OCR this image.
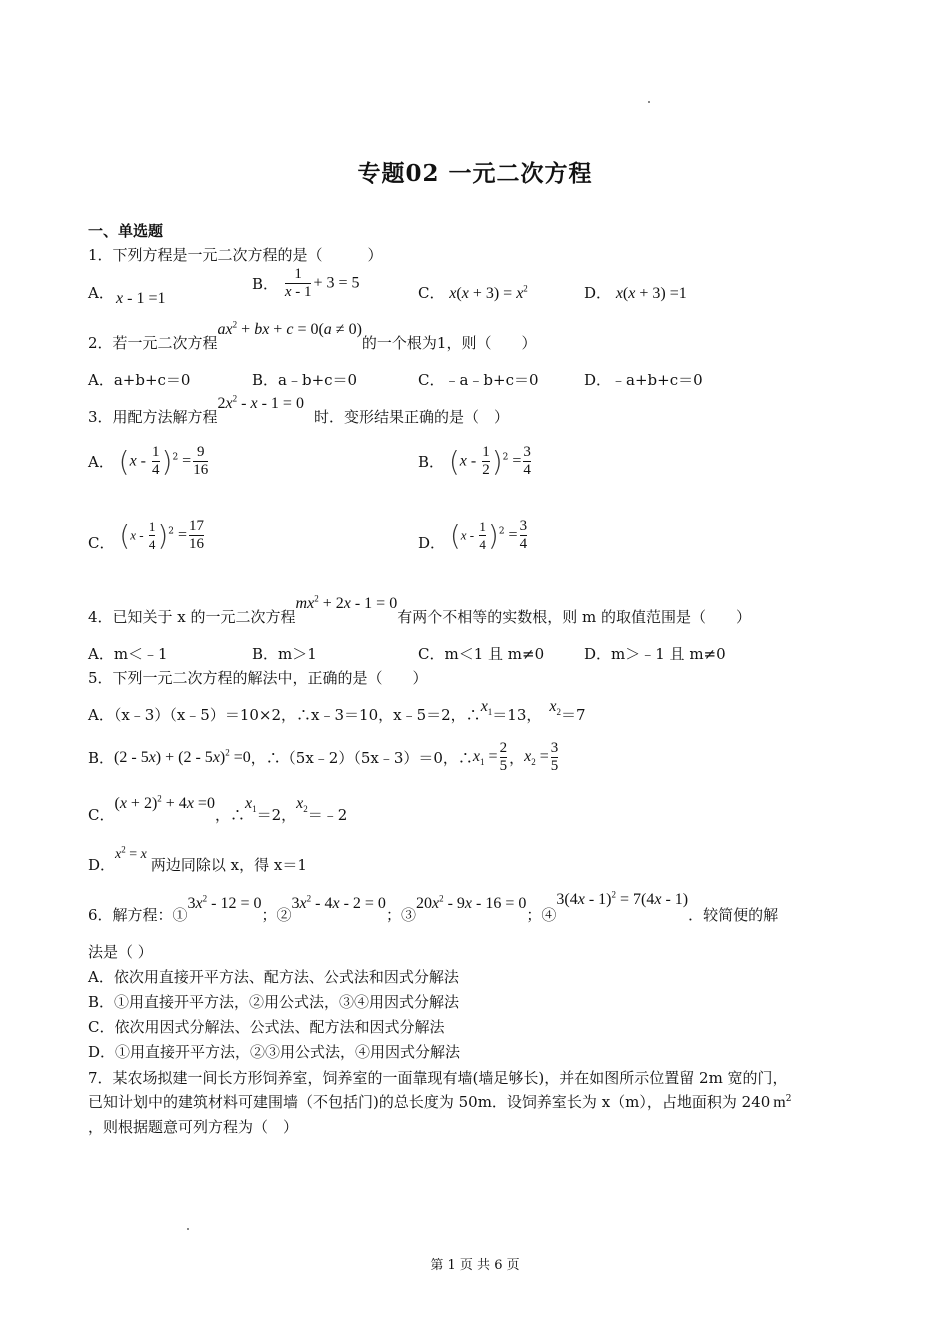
专题02 一元二次方程
一、单选题
1．下列方程是一元二次方程的是（　　　）
A． x - 1 =1
B． $\frac{1}{x - 1} + 3 = 5$
C． $x(x + 3) = x^2$	D． x(x + 3) =1
2．若一元二次方程$ax^2$ + bx + c = 0(a ≠ 0)的一个根为1，则（　　）
A．a+b+c＝0	B．a﹣b+c＝0	C．﹣a﹣b+c＝0	D．﹣a+b+c＝0
3．用配方法解方程$2x^2 - x - 1 = 0$时．变形结果正确的是（　）
A． $(x - \frac{1}{4} )^2 = \frac{9}{16}$	B． $(x - \frac{1}{2} )^2 = \frac{3}{4}$
C． $(x - \frac{1}{4} )^2 = \frac{17}{16}$	D． $(x - \frac{1}{4} )^2 = \frac{3}{4}$
4．已知关于 x 的一元二次方程$mx^2 + 2x - 1 = 0$有两个不相等的实数根，则 m 的取值范围是（　　）
A．m＜﹣1	B．m＞1	C．m＜1 且 m≠0	D．m＞﹣1 且 m≠0
5．下列一元二次方程的解法中，正确的是（　　）
A．（x﹣3）（x﹣5）＝10×2，∴x﹣3＝10，x﹣5＝2，$\therefore x_1=13$， $x_2=7$
B．(2 - 5x) + (2 - 5x)$^2$ =0，∴（5x﹣2）（5x﹣3）＝0，$\therefore x_1 = \frac{2}{5}$ ，$x_2 = \frac{3}{5}$
C．$(x + 2)^2 + 4x =0$，$\therefore x_1=2$，$x_2=﹣2$
D．$x^2 = x$两边同除以 x，得 x＝1
6．解方程：$①3x^2 - 12 = 0$；$②3x^2 - 4x - 2 = 0$；$③20x^2 - 9x - 16 = 0$；④3(4x - 1)$^2$ = 7(4x - 1)．较简便的解
法是（ ）
A．依次用直接开平方法、配方法、公式法和因式分解法
B．①用直接开平方法，②用公式法，③④用因式分解法
C．依次用因式分解法、公式法、配方法和因式分解法
D．①用直接开平方法，②③用公式法，④用因式分解法
7．某农场拟建一间长方形饲养室，饲养室的一面靠现有墙(墙足够长)，并在如图所示位置留 2m 宽的门，
已知计划中的建筑材料可建围墙（不包括门)的总长度为 50m．设饲养室长为 x（m），占地面积为 240 $m^2$
，则根据题意可列方程为（　）
第 1 页 共 6 页
